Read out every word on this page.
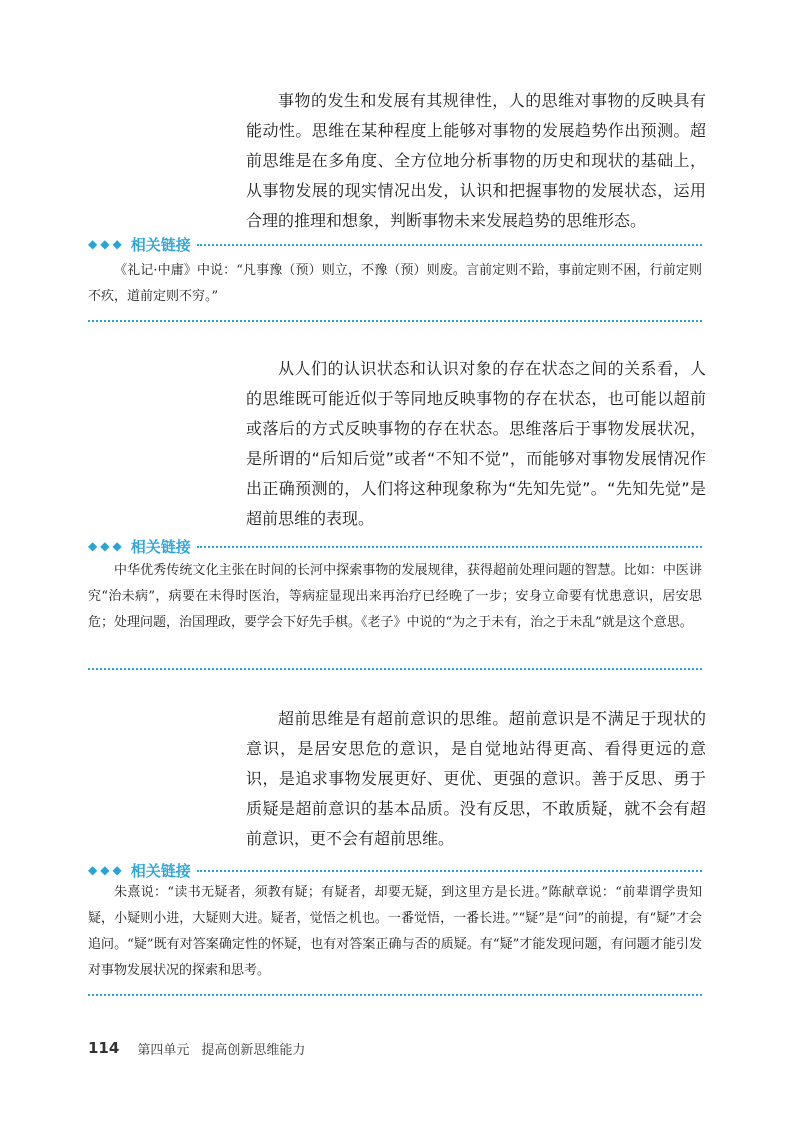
事物的发生和发展有其规律性，人的思维对事物的反映具有能动性。思维在某种程度上能够对事物的发展趋势作出预测。超前思维是在多角度、全方位地分析事物的历史和现状的基础上，从事物发展的现实情况出发，认识和把握事物的发展状态，运用合理的推理和想象，判断事物未来发展趋势的思维形态。

◆◆◆ 相关链接

《礼记·中庸》中说：“凡事豫（预）则立，不豫（预）则废。言前定则不跲，事前定则不困，行前定则不疚，道前定则不穷。”

从人们的认识状态和认识对象的存在状态之间的关系看，人的思维既可能近似于等同地反映事物的存在状态，也可能以超前或落后的方式反映事物的存在状态。思维落后于事物发展状况，是所谓的“后知后觉”或者“不知不觉”，而能够对事物发展情况作出正确预测的，人们将这种现象称为“先知先觉”。“先知先觉”是超前思维的表现。

◆◆◆ 相关链接

中华优秀传统文化主张在时间的长河中探索事物的发展规律，获得超前处理问题的智慧。比如：中医讲究“治未病”，病要在未得时医治，等病症显现出来再治疗已经晚了一步；安身立命要有忧患意识，居安思危；处理问题，治国理政，要学会下好先手棋。《老子》中说的“为之于未有，治之于未乱”就是这个意思。

超前思维是有超前意识的思维。超前意识是不满足于现状的意识，是居安思危的意识，是自觉地站得更高、看得更远的意识，是追求事物发展更好、更优、更强的意识。善于反思、勇于质疑是超前意识的基本品质。没有反思，不敢质疑，就不会有超前意识，更不会有超前思维。

◆◆◆ 相关链接

朱熹说：“读书无疑者，须教有疑；有疑者，却要无疑，到这里方是长进。”陈献章说：“前辈谓学贵知疑，小疑则小进，大疑则大进。疑者，觉悟之机也。一番觉悟，一番长进。”“疑”是“问”的前提，有“疑”才会追问。“疑”既有对答案确定性的怀疑，也有对答案正确与否的质疑。有“疑”才能发现问题，有问题才能引发对事物发展状况的探索和思考。

114 第四单元 提高创新思维能力
